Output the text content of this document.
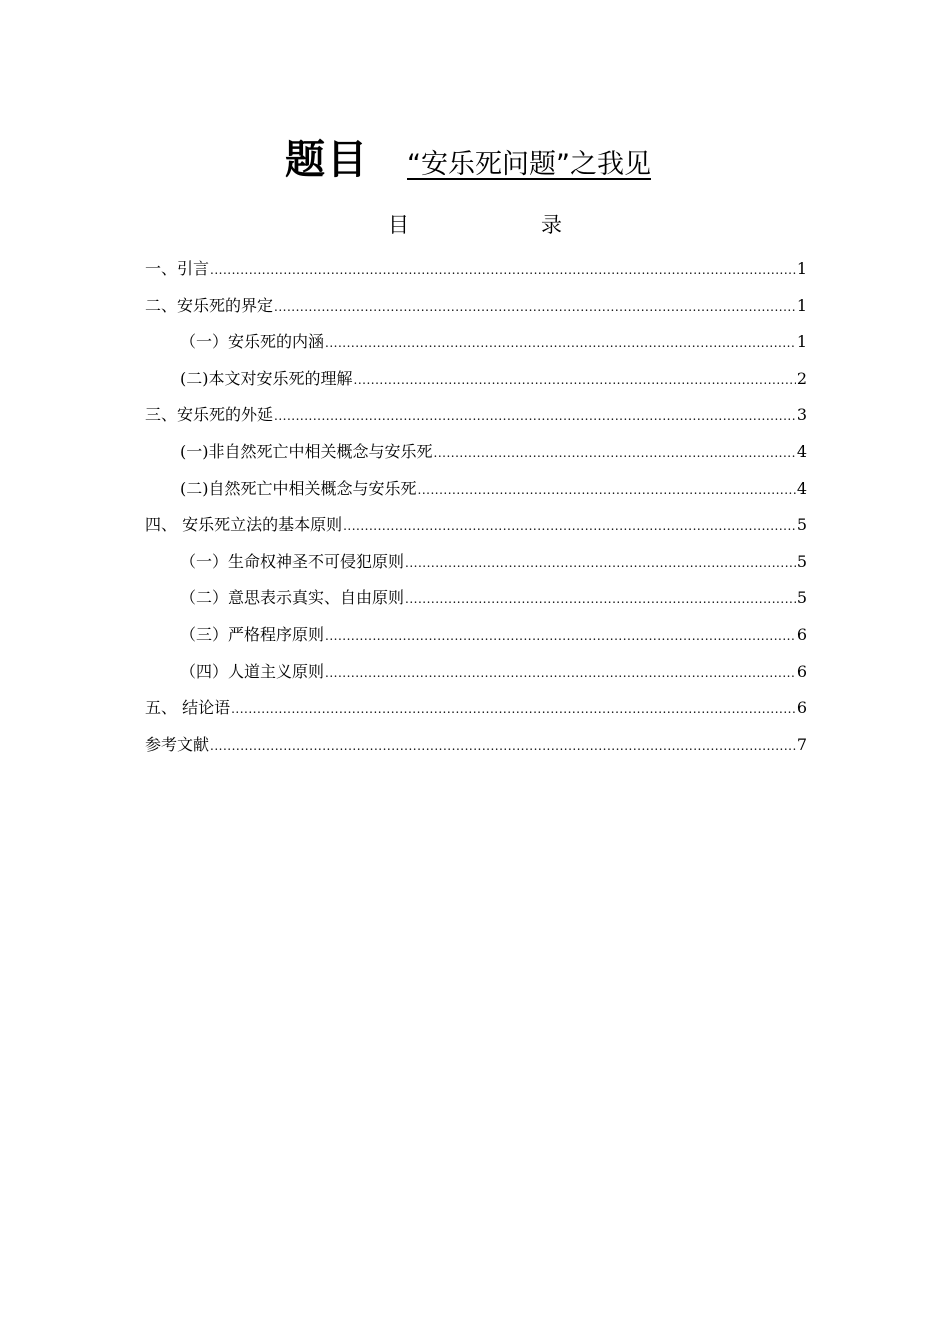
题目 “安乐死问题”之我见
目	录
一、引言 .....	1
二、安乐死的界定 .....	1
（一）安乐死的内涵 .....	1
(二)本文对安乐死的理解 .....	2
三、安乐死的外延 .....	3
(一)非自然死亡中相关概念与安乐死 .....	4
(二)自然死亡中相关概念与安乐死 .....	4
四、 安乐死立法的基本原则 .....	5
（一）生命权神圣不可侵犯原则 .....	5
（二）意思表示真实、自由原则 .....	5
（三）严格程序原则 .....	6
（四）人道主义原则 .....	6
五、 结论语 .....	6
参考文献 .....	7
